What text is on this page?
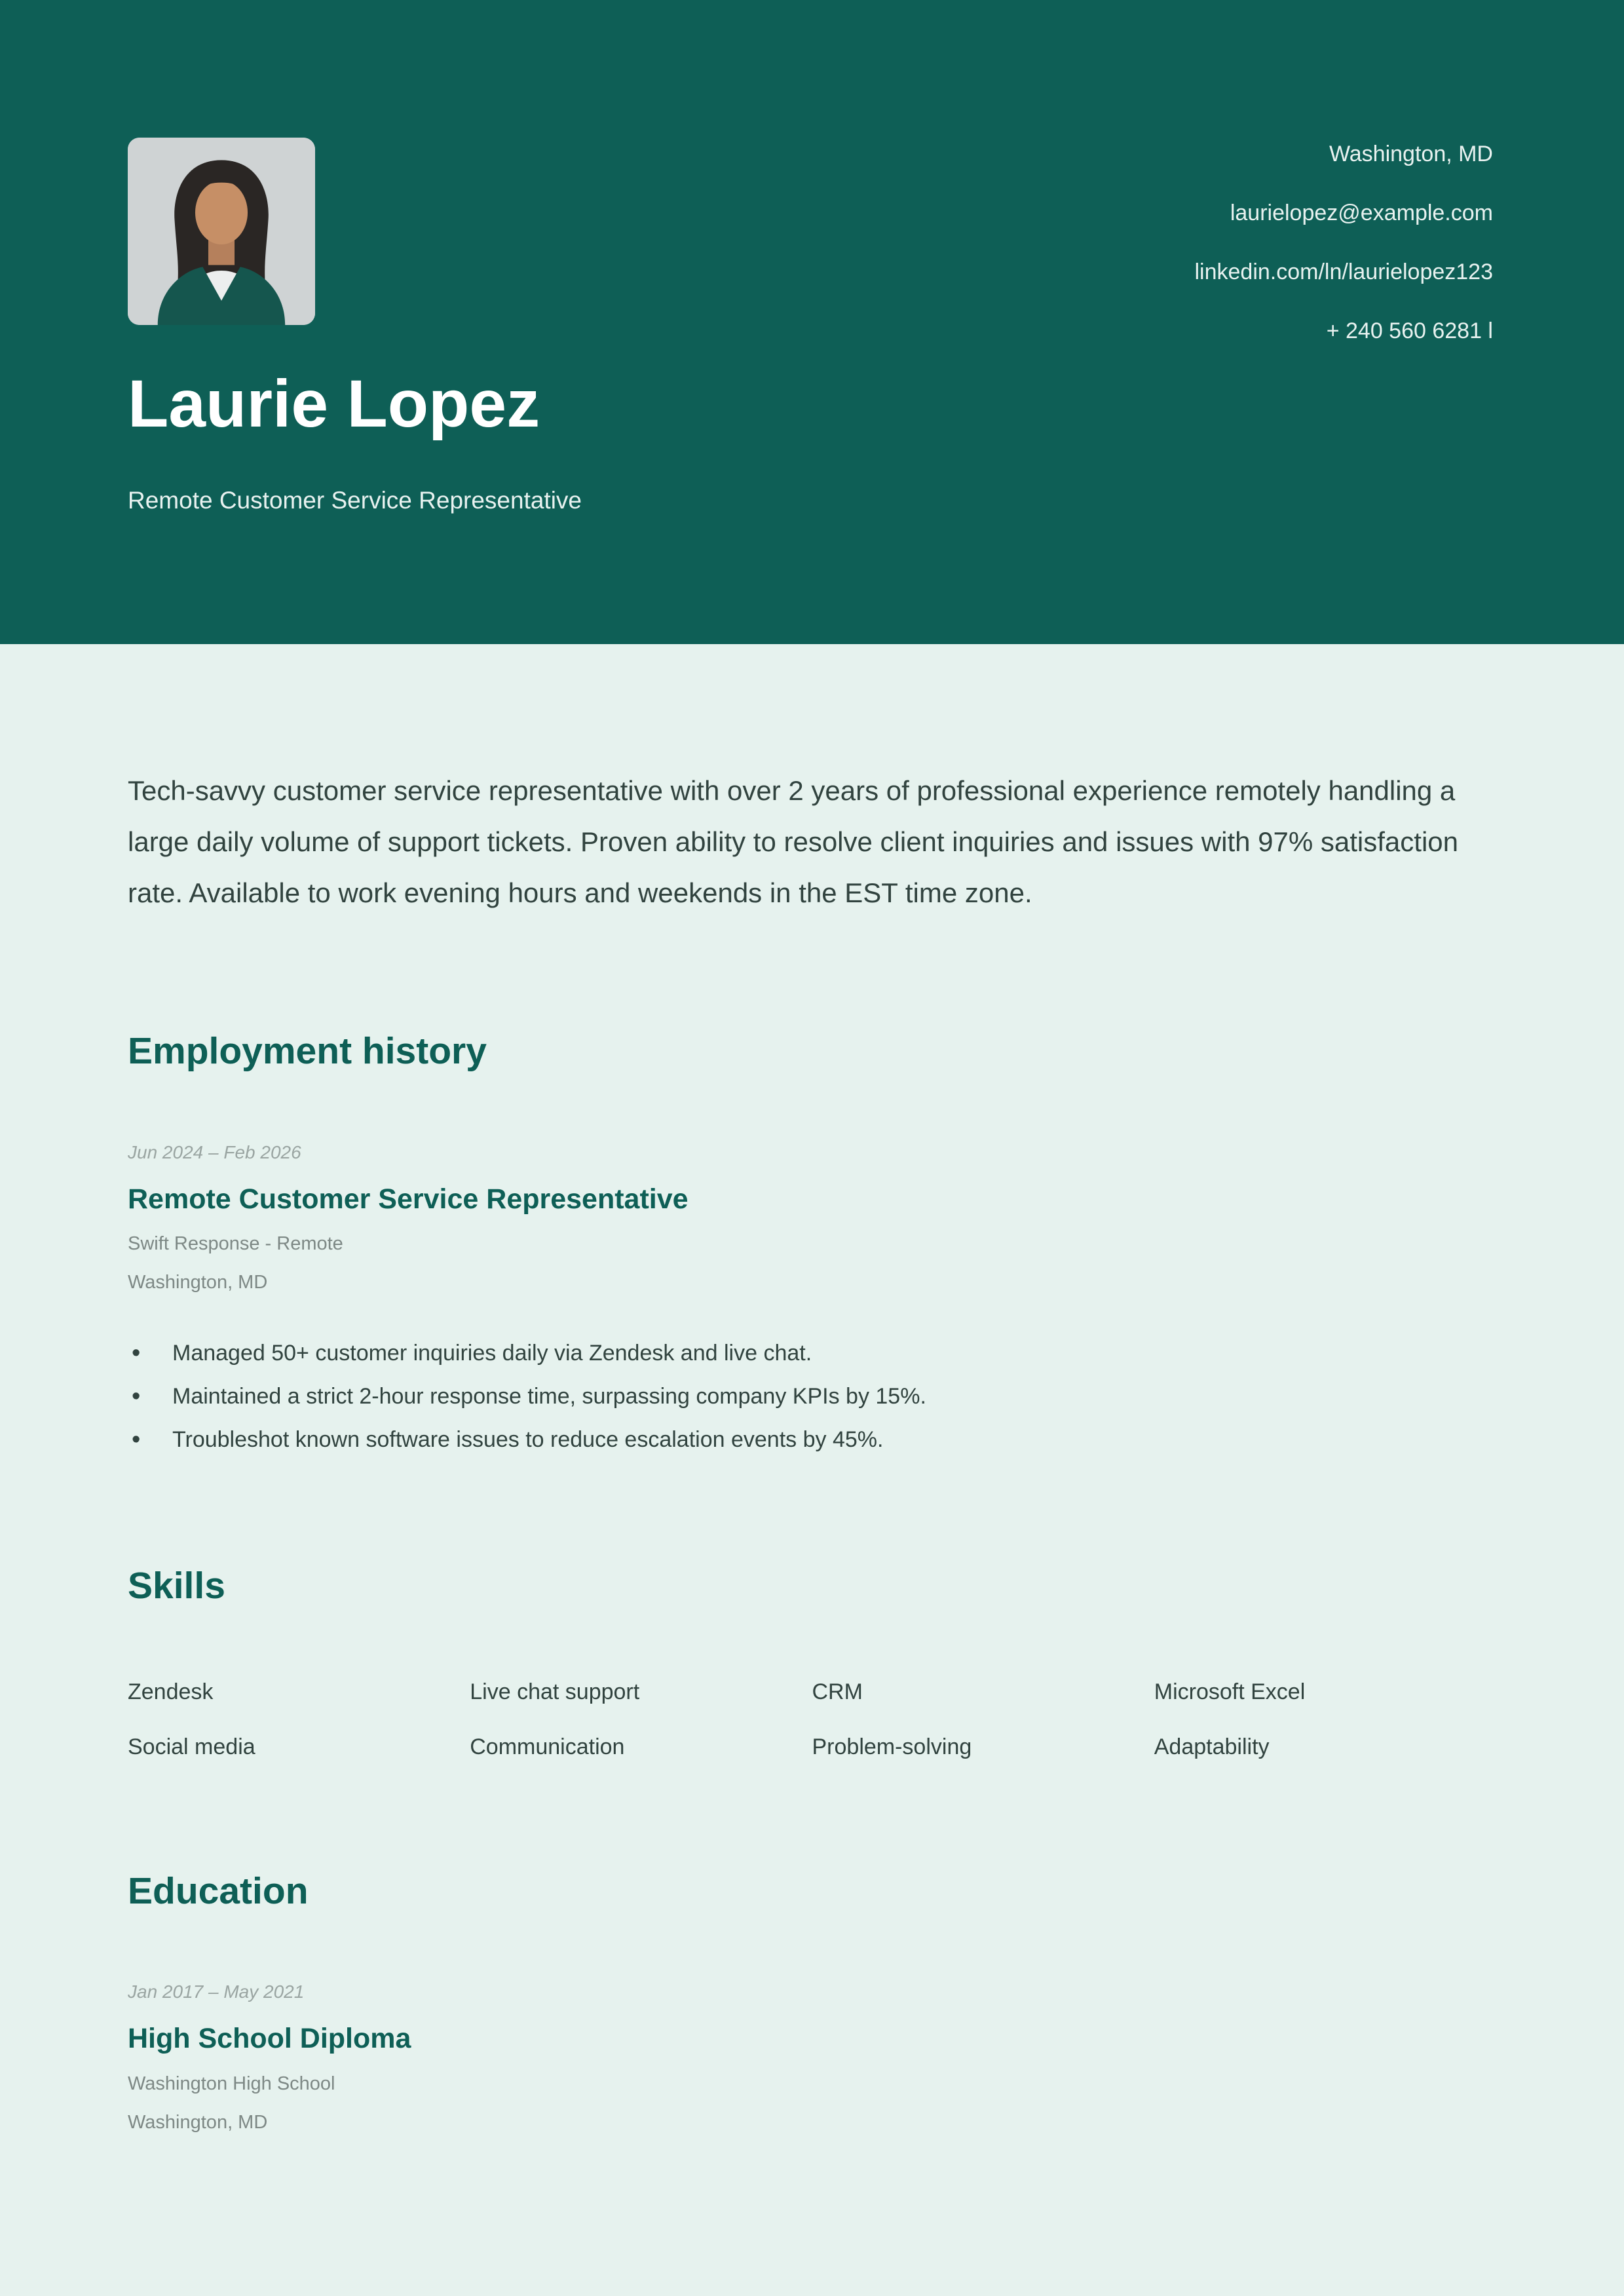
Washington, MD
laurielopez@example.com
linkedin.com/ln/laurielopez123
+ 240 560 6281 l
Laurie Lopez
Remote Customer Service Representative

Tech-savvy customer service representative with over 2 years of professional experience remotely handling a large daily volume of support tickets. Proven ability to resolve client inquiries and issues with 97% satisfaction rate. Available to work evening hours and weekends in the EST time zone.

Employment history
Jun 2024 – Feb 2026
Remote Customer Service Representative
Swift Response - Remote
Washington, MD
• Managed 50+ customer inquiries daily via Zendesk and live chat.
• Maintained a strict 2-hour response time, surpassing company KPIs by 15%.
• Troubleshot known software issues to reduce escalation events by 45%.
Skills
Zendesk	Live chat support	CRM	Microsoft Excel
Social media	Communication	Problem-solving	Adaptability
Education
Jan 2017 – May 2021
High School Diploma
Washington High School
Washington, MD
